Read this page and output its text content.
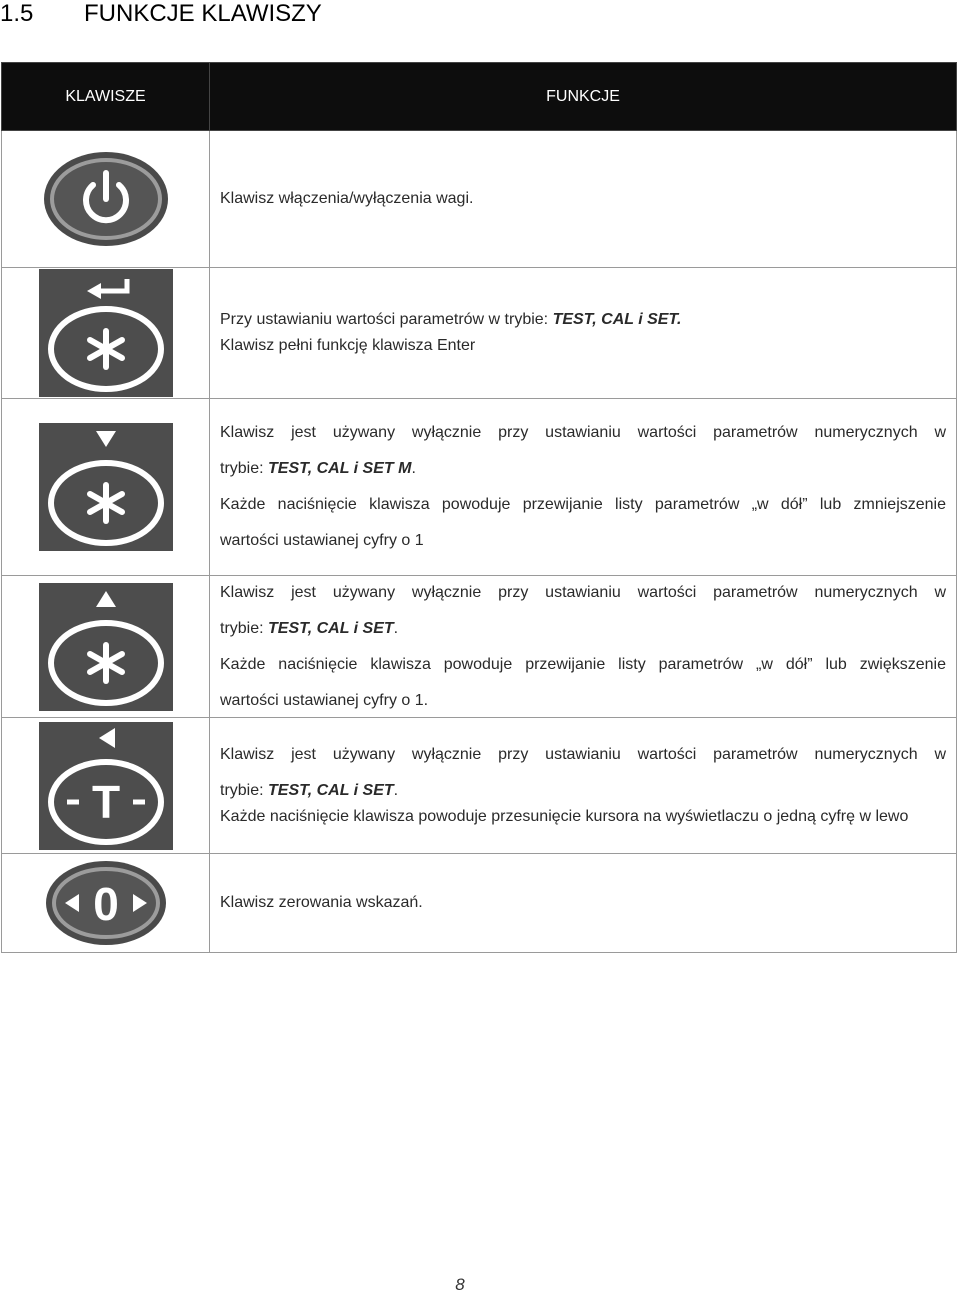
1.5 FUNKCJE KLAWISZY
KLAWISZE	FUNKCJE

Klawisz włączenia/wyłączenia wagi.

Przy ustawianiu wartości parametrów w trybie: TEST, CAL i SET.
Klawisz pełni funkcję klawisza Enter

Klawisz jest używany wyłącznie przy ustawianiu wartości parametrów numerycznych w
trybie: TEST, CAL i SET M.
Każde naciśnięcie klawisza powoduje przewijanie listy parametrów „w dół” lub zmniejszenie
wartości ustawianej cyfry o 1

Klawisz jest używany wyłącznie przy ustawianiu wartości parametrów numerycznych w
trybie: TEST, CAL i SET.
Każde naciśnięcie klawisza powoduje przewijanie listy parametrów „w dół” lub zwiększenie
wartości ustawianej cyfry o 1.

T	Klawisz jest używany wyłącznie przy ustawianiu wartości parametrów numerycznych w
trybie: TEST, CAL i SET.
Każde naciśnięcie klawisza powoduje przesunięcie kursora na wyświetlaczu o jedną cyfrę w lewo

0	Klawisz zerowania wskazań.
8
